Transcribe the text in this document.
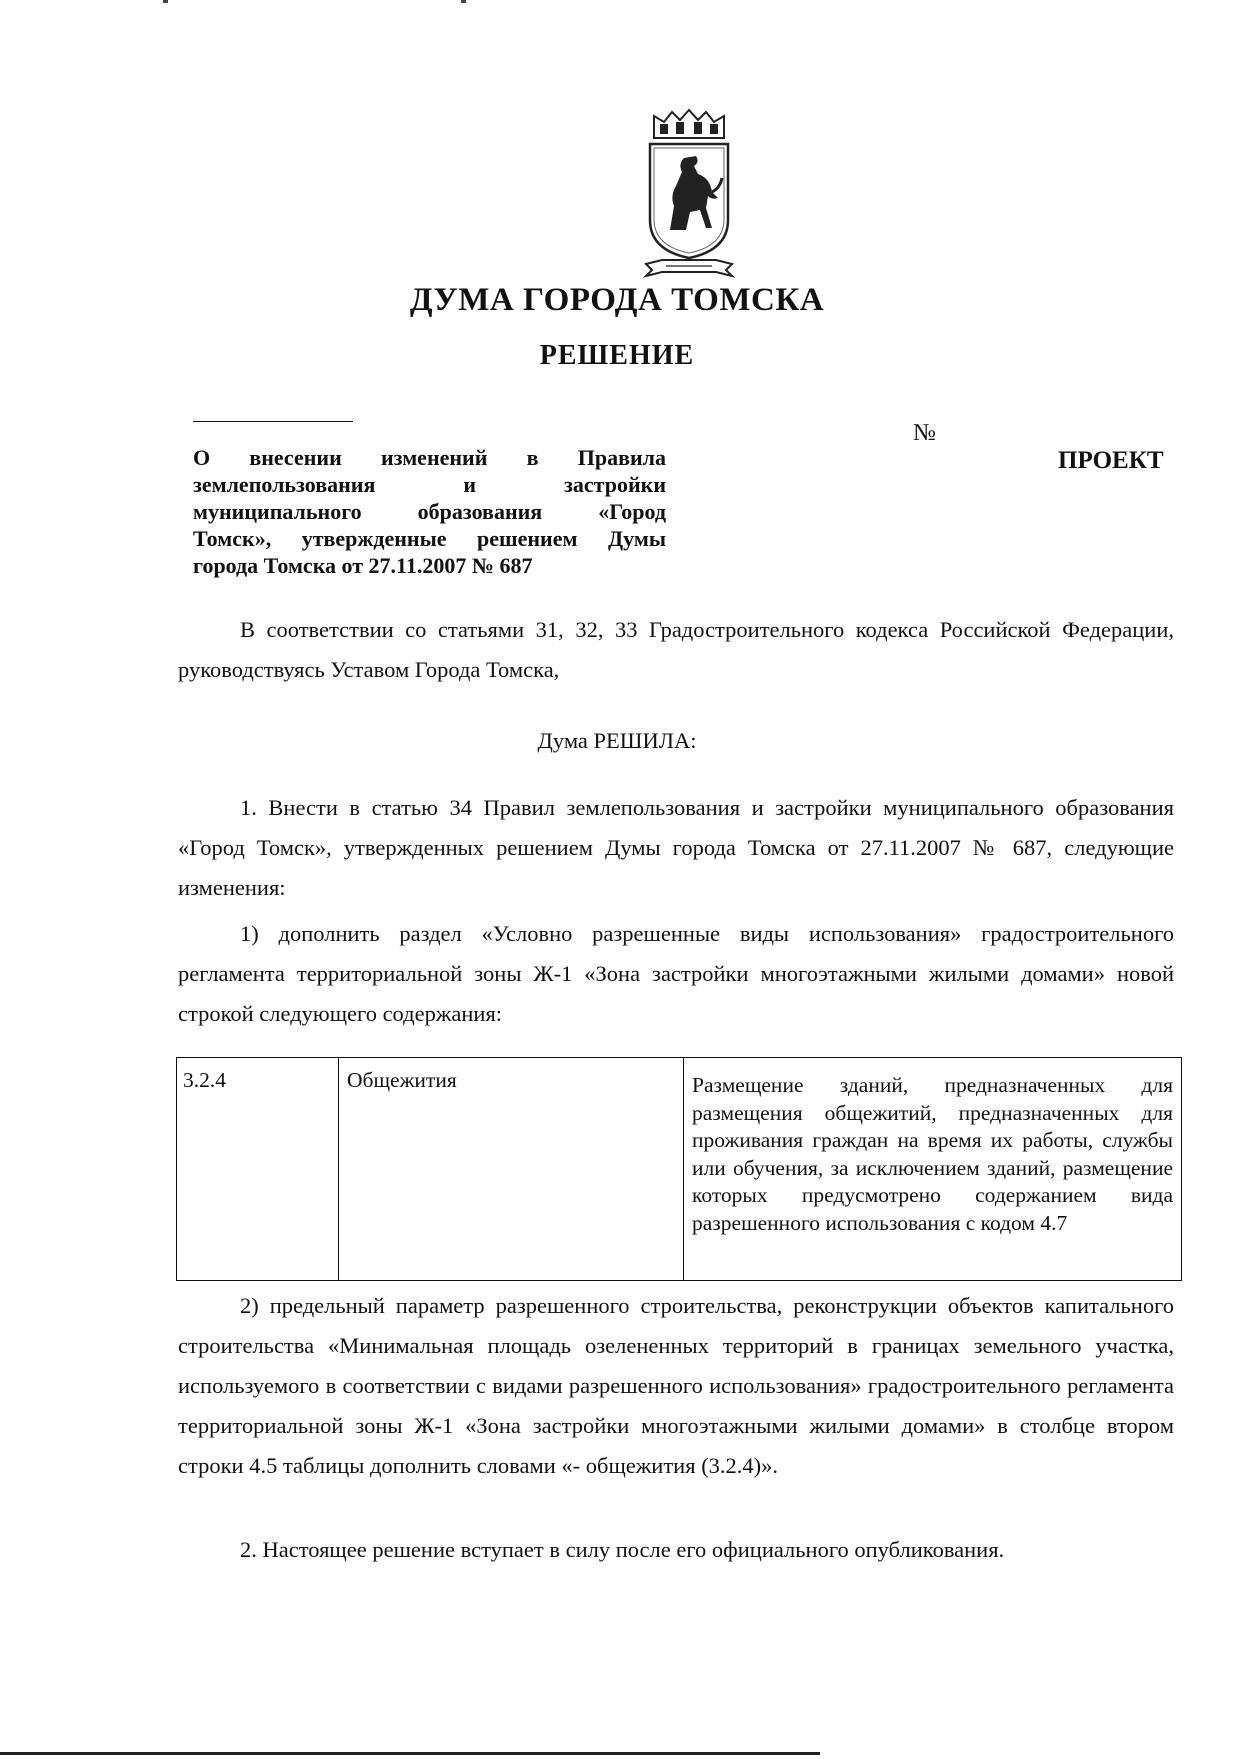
ДУМА ГОРОДА ТОМСКА
РЕШЕНИЕ
№
ПРОЕКТ
О внесении изменений в Правила
землепользования и застройки
муниципального образования «Город
Томск», утвержденные решением Думы
города Томска от 27.11.2007 № 687
В соответствии со статьями 31, 32, 33 Градостроительного кодекса Российской Федерации, руководствуясь Уставом Города Томска,
Дума РЕШИЛА:
1. Внести в статью 34 Правил землепользования и застройки муниципального образования «Город Томск», утвержденных решением Думы города Томска от 27.11.2007 № 687, следующие изменения:
1) дополнить раздел «Условно разрешенные виды использования» градостроительного регламента территориальной зоны Ж-1 «Зона застройки многоэтажными жилыми домами» новой строкой следующего содержания:
3.2.4	Общежития	Размещение зданий, предназначенных для размещения общежитий, предназначенных для проживания граждан на время их работы, службы или обучения, за исключением зданий, размещение которых предусмотрено содержанием вида разрешенного использования с кодом 4.7
2) предельный параметр разрешенного строительства, реконструкции объектов капитального строительства «Минимальная площадь озелененных территорий в границах земельного участка, используемого в соответствии с видами разрешенного использования» градостроительного регламента территориальной зоны Ж-1 «Зона застройки многоэтажными жилыми домами» в столбце втором строки 4.5 таблицы дополнить словами «- общежития (3.2.4)».
2. Настоящее решение вступает в силу после его официального опубликования.
